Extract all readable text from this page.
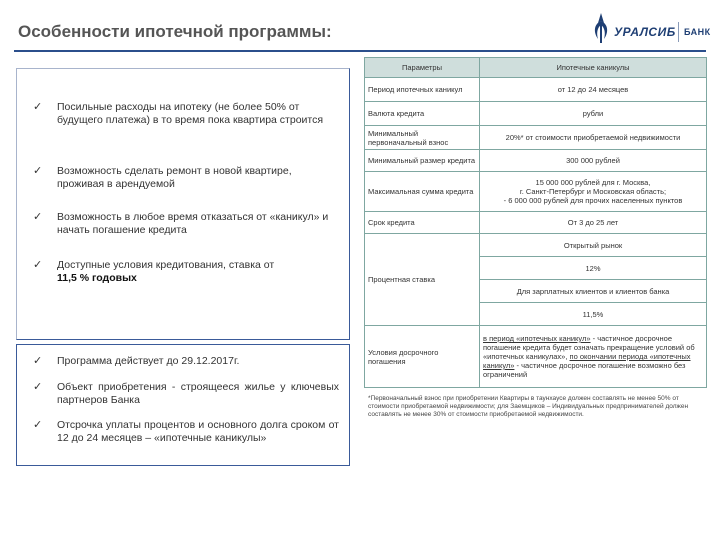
Особенности ипотечной программы:	УРАЛСИБ БАНК
✓	Посильные расходы на ипотеку (не более 50% от будущего платежа) в то время пока квартира строится
✓	Возможность сделать ремонт в новой квартире, проживая в арендуемой
✓	Возможность в любое время отказаться от «каникул» и начать погашение кредита
✓	Доступные условия кредитования, ставка от
11,5 % годовых
✓	Программа действует до 29.12.2017г.
✓	Объект приобретения - строящееся жилье у ключевых партнеров Банка
✓	Отсрочка уплаты процентов и основного долга сроком от 12 до 24 месяцев – «ипотечные каникулы»
Параметры	Ипотечные каникулы
Период ипотечных каникул	от 12 до 24 месяцев
Валюта кредита	рубли
Минимальный первоначальный взнос	20%* от стоимости приобретаемой недвижимости
Минимальный размер кредита	300 000 рублей
Максимальная сумма кредита	15 000 000 рублей для г. Москва,
г. Санкт-Петербург и Московская область;
- 6 000 000 рублей для прочих населенных пунктов

Срок кредита	От 3 до 25 лет
Процентная ставка	Открытый рынок
	12%
	Для зарплатных клиентов и клиентов банка
	11,5%
Условия досрочного погашения	в период «ипотечных каникул» - частичное досрочное погашение кредита будет означать прекращение условий об «ипотечных каникулах», по окончании периода «ипотечных каникул» - частичное досрочное погашение возможно без ограничений
*Первоначальный взнос при приобретении Квартиры в таунхаусе должен составлять не менее 50% от стоимости приобретаемой недвижимости; для Заемщиков – Индивидуальных предпринимателей должен составлять не менее 30% от стоимости приобретаемой недвижимости.
